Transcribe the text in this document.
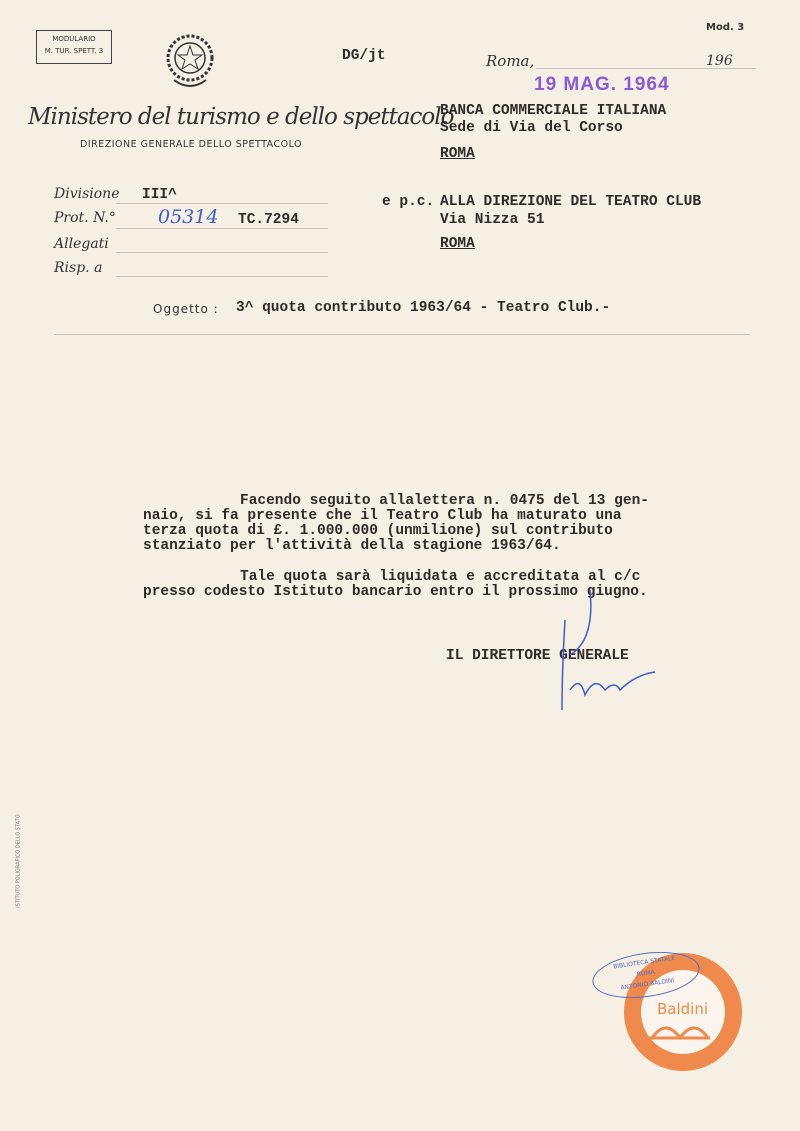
MODULARIO
M. TUR. SPETT. 3	DG/jt
Mod. 3
Ministero del turismo e dello spettacolo
DIREZIONE GENERALE DELLO SPETTACOLO
Roma,	196
19 MAG. 1964
BANCA COMMERCIALE ITALIANA
Sede di Via del Corso
ROMA
Divisione III^
Prot. N.° 05314 TC.7294
Allegati
Risp. a
e p.c. ALLA DIREZIONE DEL TEATRO CLUB
Via Nizza 51
ROMA
Oggetto : 3^ quota contributo 1963/64 - Teatro Club.-

Facendo seguito allalettera n. 0475 del 13 gen-

naio, si fa presente che il Teatro Club ha maturato una

terza quota di £. 1.000.000 (unmilione) sul contributo

stanziato per l'attività della stagione 1963/64.

Tale quota sarà liquidata e accreditata al c/c

presso codesto Istituto bancario entro il prossimo giugno.

IL DIRETTORE GENERALE
ISTITUTO POLIGRAFICO DELLO STATO
Baldini
BIBLIOTECA STATALE
ROMA
ANTONIO BALDINI
